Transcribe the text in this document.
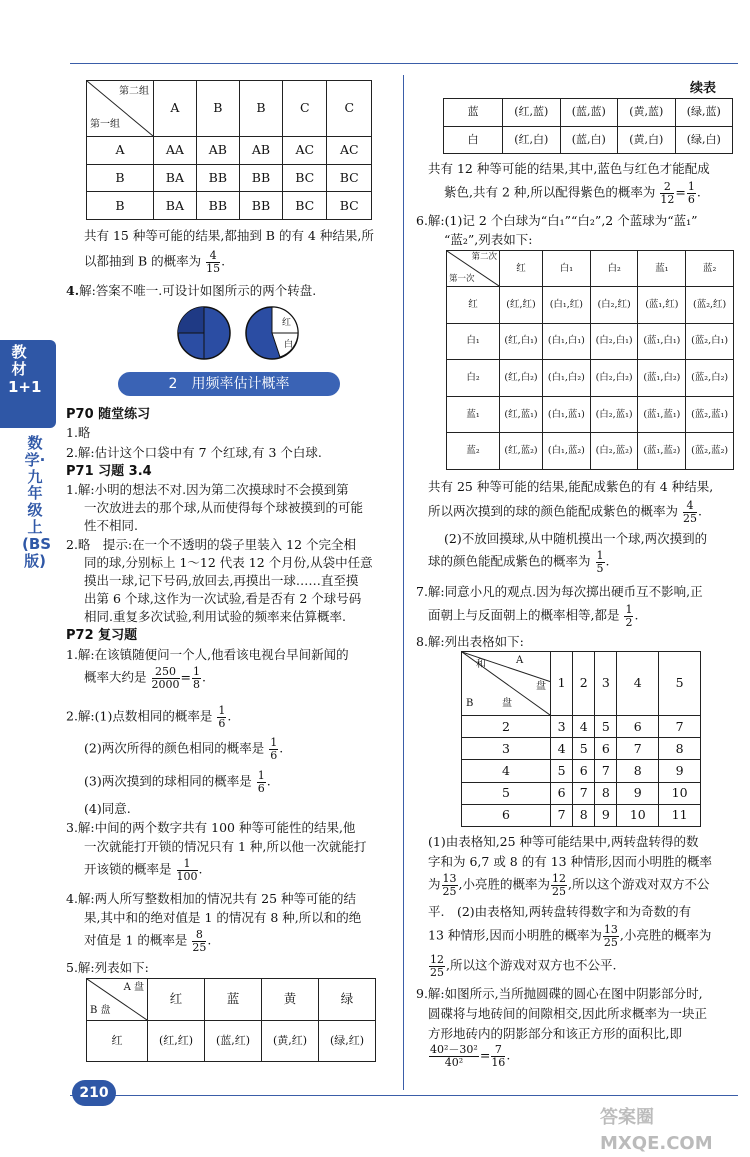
教材1+1
数学·九年级上(BS版)
第二组
第一组	A	B	B	C	C
A	AA	AB	AB	AC	AC
B	BA	BB	BB	BC	BC
B	BA	BB	BB	BC	BC
共有 15 种等可能的结果,都抽到 B 的有 4 种结果,所
以都抽到 B 的概率为 $\frac{4}{15}$ .
4.解:答案不唯一.可设计如图所示的两个转盘.
红
白
2　用频率估计概率
P70 随堂练习
1.略
2.解:估计这个口袋中有 7 个红球,有 3 个白球.
P71 习题 3.4
1.解:小明的想法不对.因为第二次摸球时不会摸到第
一次放进去的那个球,从而使得每个球被摸到的可能
性不相同.
2.略　提示:在一个不透明的袋子里装入 12 个完全相
同的球,分别标上 1～12 代表 12 个月份,从袋中任意
摸出一球,记下号码,放回去,再摸出一球……直至摸
出第 6 个球,这作为一次试验,看是否有 2 个球号码
相同.重复多次试验,利用试验的频率来估算概率.
P72 复习题
1.解:在该镇随便问一个人,他看该电视台早间新闻的
概率大约是 $\frac{250}{2000} = \frac{1}{8}$ .
2.解:(1)点数相同的概率是 $\frac{1}{6}$ .
(2)两次所得的颜色相同的概率是 $\frac{1}{6}$ .
(3)两次摸到的球相同的概率是 $\frac{1}{6}$ .
(4)同意.
3.解:中间的两个数字共有 100 种等可能性的结果,他
一次就能打开锁的情况只有 1 种,所以他一次就能打
开该锁的概率是 $\frac{1}{100}$ .
4.解:两人所写整数相加的情况共有 25 种等可能的结
果,其中和的绝对值是 1 的情况有 8 种,所以和的绝
对值是 1 的概率是 $\frac{8}{25}$ .
5.解:列表如下:
A 盘
B 盘	红	蓝	黄	绿
红	(红,红)	(蓝,红)	(黄,红)	(绿,红)
续表
蓝	(红,蓝)	(蓝,蓝)	(黄,蓝)	(绿,蓝)
白	(红,白)	(蓝,白)	(黄,白)	(绿,白)
共有 12 种等可能的结果,其中,蓝色与红色才能配成
紫色,共有 2 种,所以配得紫色的概率为 $\frac{2}{12} = \frac{1}{6}$ .
6.解:(1)记 2 个白球为“白₁”“白₂”,2 个蓝球为“蓝₁”
“蓝₂”,列表如下:
第二次
第一次	红	白₁	白₂	蓝₁	蓝₂
红	(红,红)	(白₁,红)	(白₂,红)	(蓝₁,红)	(蓝₂,红)
白₁	(红,白₁)	(白₁,白₁)	(白₂,白₁)	(蓝₁,白₁)	(蓝₂,白₁)
白₂	(红,白₂)	(白₁,白₂)	(白₂,白₂)	(蓝₁,白₂)	(蓝₂,白₂)
蓝₁	(红,蓝₁)	(白₁,蓝₁)	(白₂,蓝₁)	(蓝₁,蓝₁)	(蓝₂,蓝₁)
蓝₂	(红,蓝₂)	(白₁,蓝₂)	(白₂,蓝₂)	(蓝₁,蓝₂)	(蓝₂,蓝₂)
共有 25 种等可能的结果,能配成紫色的有 4 种结果,
所以两次摸到的球的颜色能配成紫色的概率为 $\frac{4}{25}$ .
(2)不放回摸球,从中随机摸出一个球,两次摸到的
球的颜色能配成紫色的概率为 $\frac{1}{5}$ .
7.解:同意小凡的观点.因为每次掷出硬币互不影响,正
面朝上与反面朝上的概率相等,都是 $\frac{1}{2}$ .
8.解:列出表格如下:
和 A
盘
B 盘	1	2	3	4	5
2	3	4	5	6	7
3	4	5	6	7	8
4	5	6	7	8	9
5	6	7	8	9	10
6	7	8	9	10	11
(1)由表格知,25 种等可能结果中,两转盘转得的数
字和为 6,7 或 8 的有 13 种情形,因而小明胜的概率
为 $\frac{13}{25}$ ,小亮胜的概率为 $\frac{12}{25}$ ,所以这个游戏对双方不公
平.　(2)由表格知,两转盘转得数字和为奇数的有
13 种情形,因而小明胜的概率为 $\frac{13}{25}$ ,小亮胜的概率为
$\frac{12}{25}$ ,所以这个游戏对双方也不公平.
9.解:如图所示,当所抛圆碟的圆心在图中阴影部分时,
圆碟将与地砖间的间隙相交,因此所求概率为一块正
方形地砖内的阴影部分和该正方形的面积比,即
$\frac{\text{40²－30²}}{\text{40²}} = \frac{7}{16}$ .
210
答案圈 MXQE.COM
